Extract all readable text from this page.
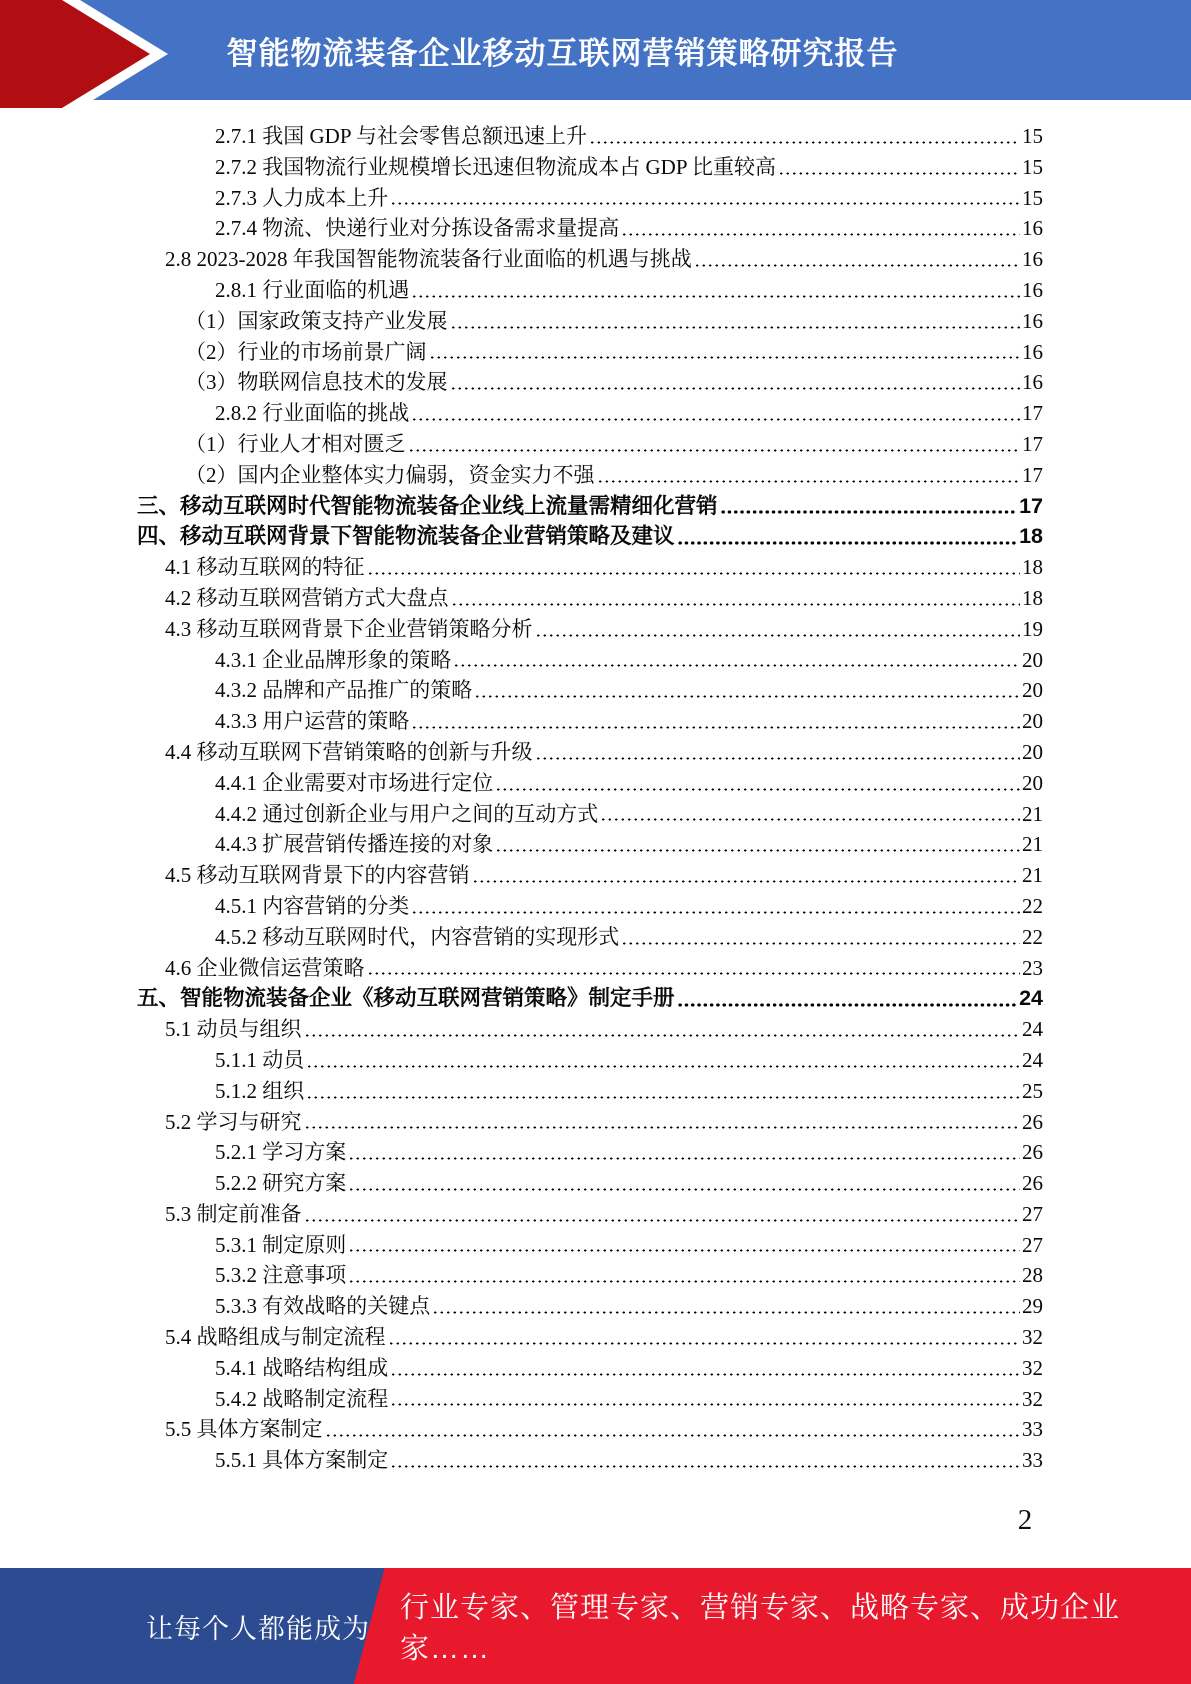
智能物流装备企业移动互联网营销策略研究报告
2.7.1 我国 GDP 与社会零售总额迅速上升	15
2.7.2 我国物流行业规模增长迅速但物流成本占 GDP 比重较高	15
2.7.3 人力成本上升	15
2.7.4 物流、快递行业对分拣设备需求量提高	16
2.8 2023-2028 年我国智能物流装备行业面临的机遇与挑战	16
2.8.1 行业面临的机遇	16
（1）国家政策支持产业发展	16
（2）行业的市场前景广阔	16
（3）物联网信息技术的发展	16
2.8.2 行业面临的挑战	17
（1）行业人才相对匮乏	17
（2）国内企业整体实力偏弱，资金实力不强	17
三、移动互联网时代智能物流装备企业线上流量需精细化营销	17
四、移动互联网背景下智能物流装备企业营销策略及建议	18
4.1 移动互联网的特征	18
4.2 移动互联网营销方式大盘点	18
4.3 移动互联网背景下企业营销策略分析	19
4.3.1 企业品牌形象的策略	20
4.3.2 品牌和产品推广的策略	20
4.3.3 用户运营的策略	20
4.4 移动互联网下营销策略的创新与升级	20
4.4.1 企业需要对市场进行定位	20
4.4.2 通过创新企业与用户之间的互动方式	21
4.4.3 扩展营销传播连接的对象	21
4.5 移动互联网背景下的内容营销	21
4.5.1 内容营销的分类	22
4.5.2 移动互联网时代，内容营销的实现形式	22
4.6 企业微信运营策略	23
五、智能物流装备企业《移动互联网营销策略》制定手册	24
5.1 动员与组织	24
5.1.1 动员	24
5.1.2 组织	25
5.2 学习与研究	26
5.2.1 学习方案	26
5.2.2 研究方案	26
5.3 制定前准备	27
5.3.1 制定原则	27
5.3.2 注意事项	28
5.3.3 有效战略的关键点	29
5.4 战略组成与制定流程	32
5.4.1 战略结构组成	32
5.4.2 战略制定流程	32
5.5 具体方案制定	33
5.5.1 具体方案制定	33
2
让每个人都能成为
行业专家、管理专家、营销专家、战略专家、成功企业家……
